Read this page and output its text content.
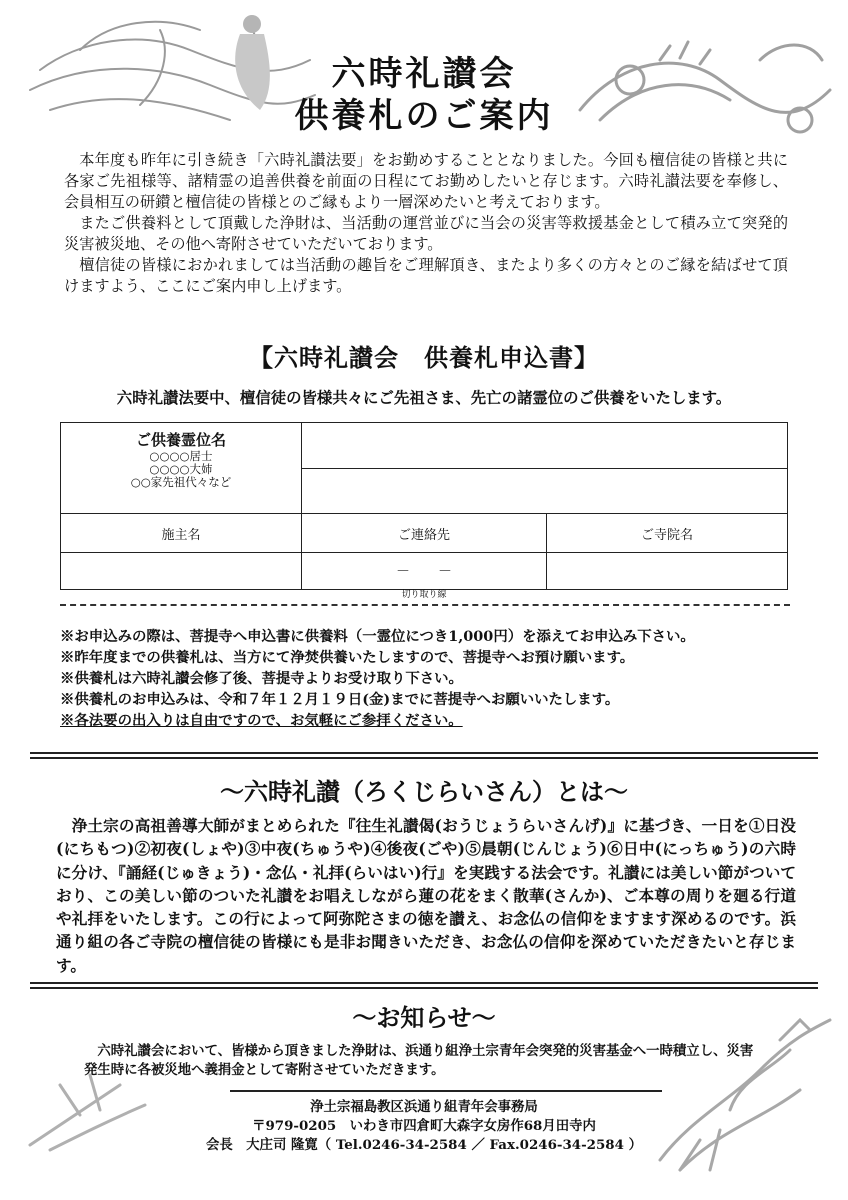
六時礼讃会
供養札のご案内

本年度も昨年に引き続き「六時礼讃法要」をお勤めすることとなりました。今回も檀信徒の皆様と共に各家ご先祖様等、諸精霊の追善供養を前面の日程にてお勤めしたいと存じます。六時礼讃法要を奉修し、会員相互の研鑚と檀信徒の皆様とのご縁もより一層深めたいと考えております。

またご供養料として頂戴した浄財は、当活動の運営並びに当会の災害等救援基金として積み立て突発的災害被災地、その他へ寄附させていただいております。

檀信徒の皆様におかれましては当活動の趣旨をご理解頂き、またより多くの方々とのご縁を結ばせて頂けますよう、ここにご案内申し上げます。

【六時礼讃会　供養札申込書】
六時礼讃法要中、檀信徒の皆様共々にご先祖さま、先亡の諸霊位のご供養をいたします。
ご供養霊位名
○○○○居士
○○○○大姉
○○家先祖代々など		

施主名	ご連絡先	ご寺院名
	－　　－	
切り取り線
※お申込みの際は、菩提寺へ申込書に供養料（一霊位につき1,000円）を添えてお申込み下さい。
※昨年度までの供養札は、当方にて浄焚供養いたしますので、菩提寺へお預け願います。
※供養札は六時礼讃会修了後、菩提寺よりお受け取り下さい。
※供養札のお申込みは、令和７年１２月１９日(金)までに菩提寺へお願いいたします。
※各法要の出入りは自由ですので、お気軽にご参拝ください。
～六時礼讃（ろくじらいさん）とは～

浄土宗の高祖善導大師がまとめられた『往生礼讃偈(おうじょうらいさんげ)』に基づき、一日を①日没(にちもつ)②初夜(しょや)③中夜(ちゅうや)④後夜(ごや)⑤晨朝(じんじょう)⑥日中(にっちゅう)の六時に分け、『誦経(じゅきょう)・念仏・礼拝(らいはい)行』を実践する法会です。礼讃には美しい節がついており、この美しい節のついた礼讃をお唱えしながら蓮の花をまく散華(さんか)、ご本尊の周りを廻る行道や礼拝をいたします。この行によって阿弥陀さまの徳を讃え、お念仏の信仰をますます深めるのです。浜通り組の各ご寺院の檀信徒の皆様にも是非お聞きいただき、お念仏の信仰を深めていただきたいと存じます。

～お知らせ～

六時礼讃会において、皆様から頂きました浄財は、浜通り組浄土宗青年会突発的災害基金へ一時積立し、災害発生時に各被災地へ義捐金として寄附させていただきます。

浄土宗福島教区浜通り組青年会事務局
〒979-0205　いわき市四倉町大森字女房作68月田寺内
会長　大庄司 隆寛（ Tel.0246-34-2584 ／ Fax.0246-34-2584 ）
